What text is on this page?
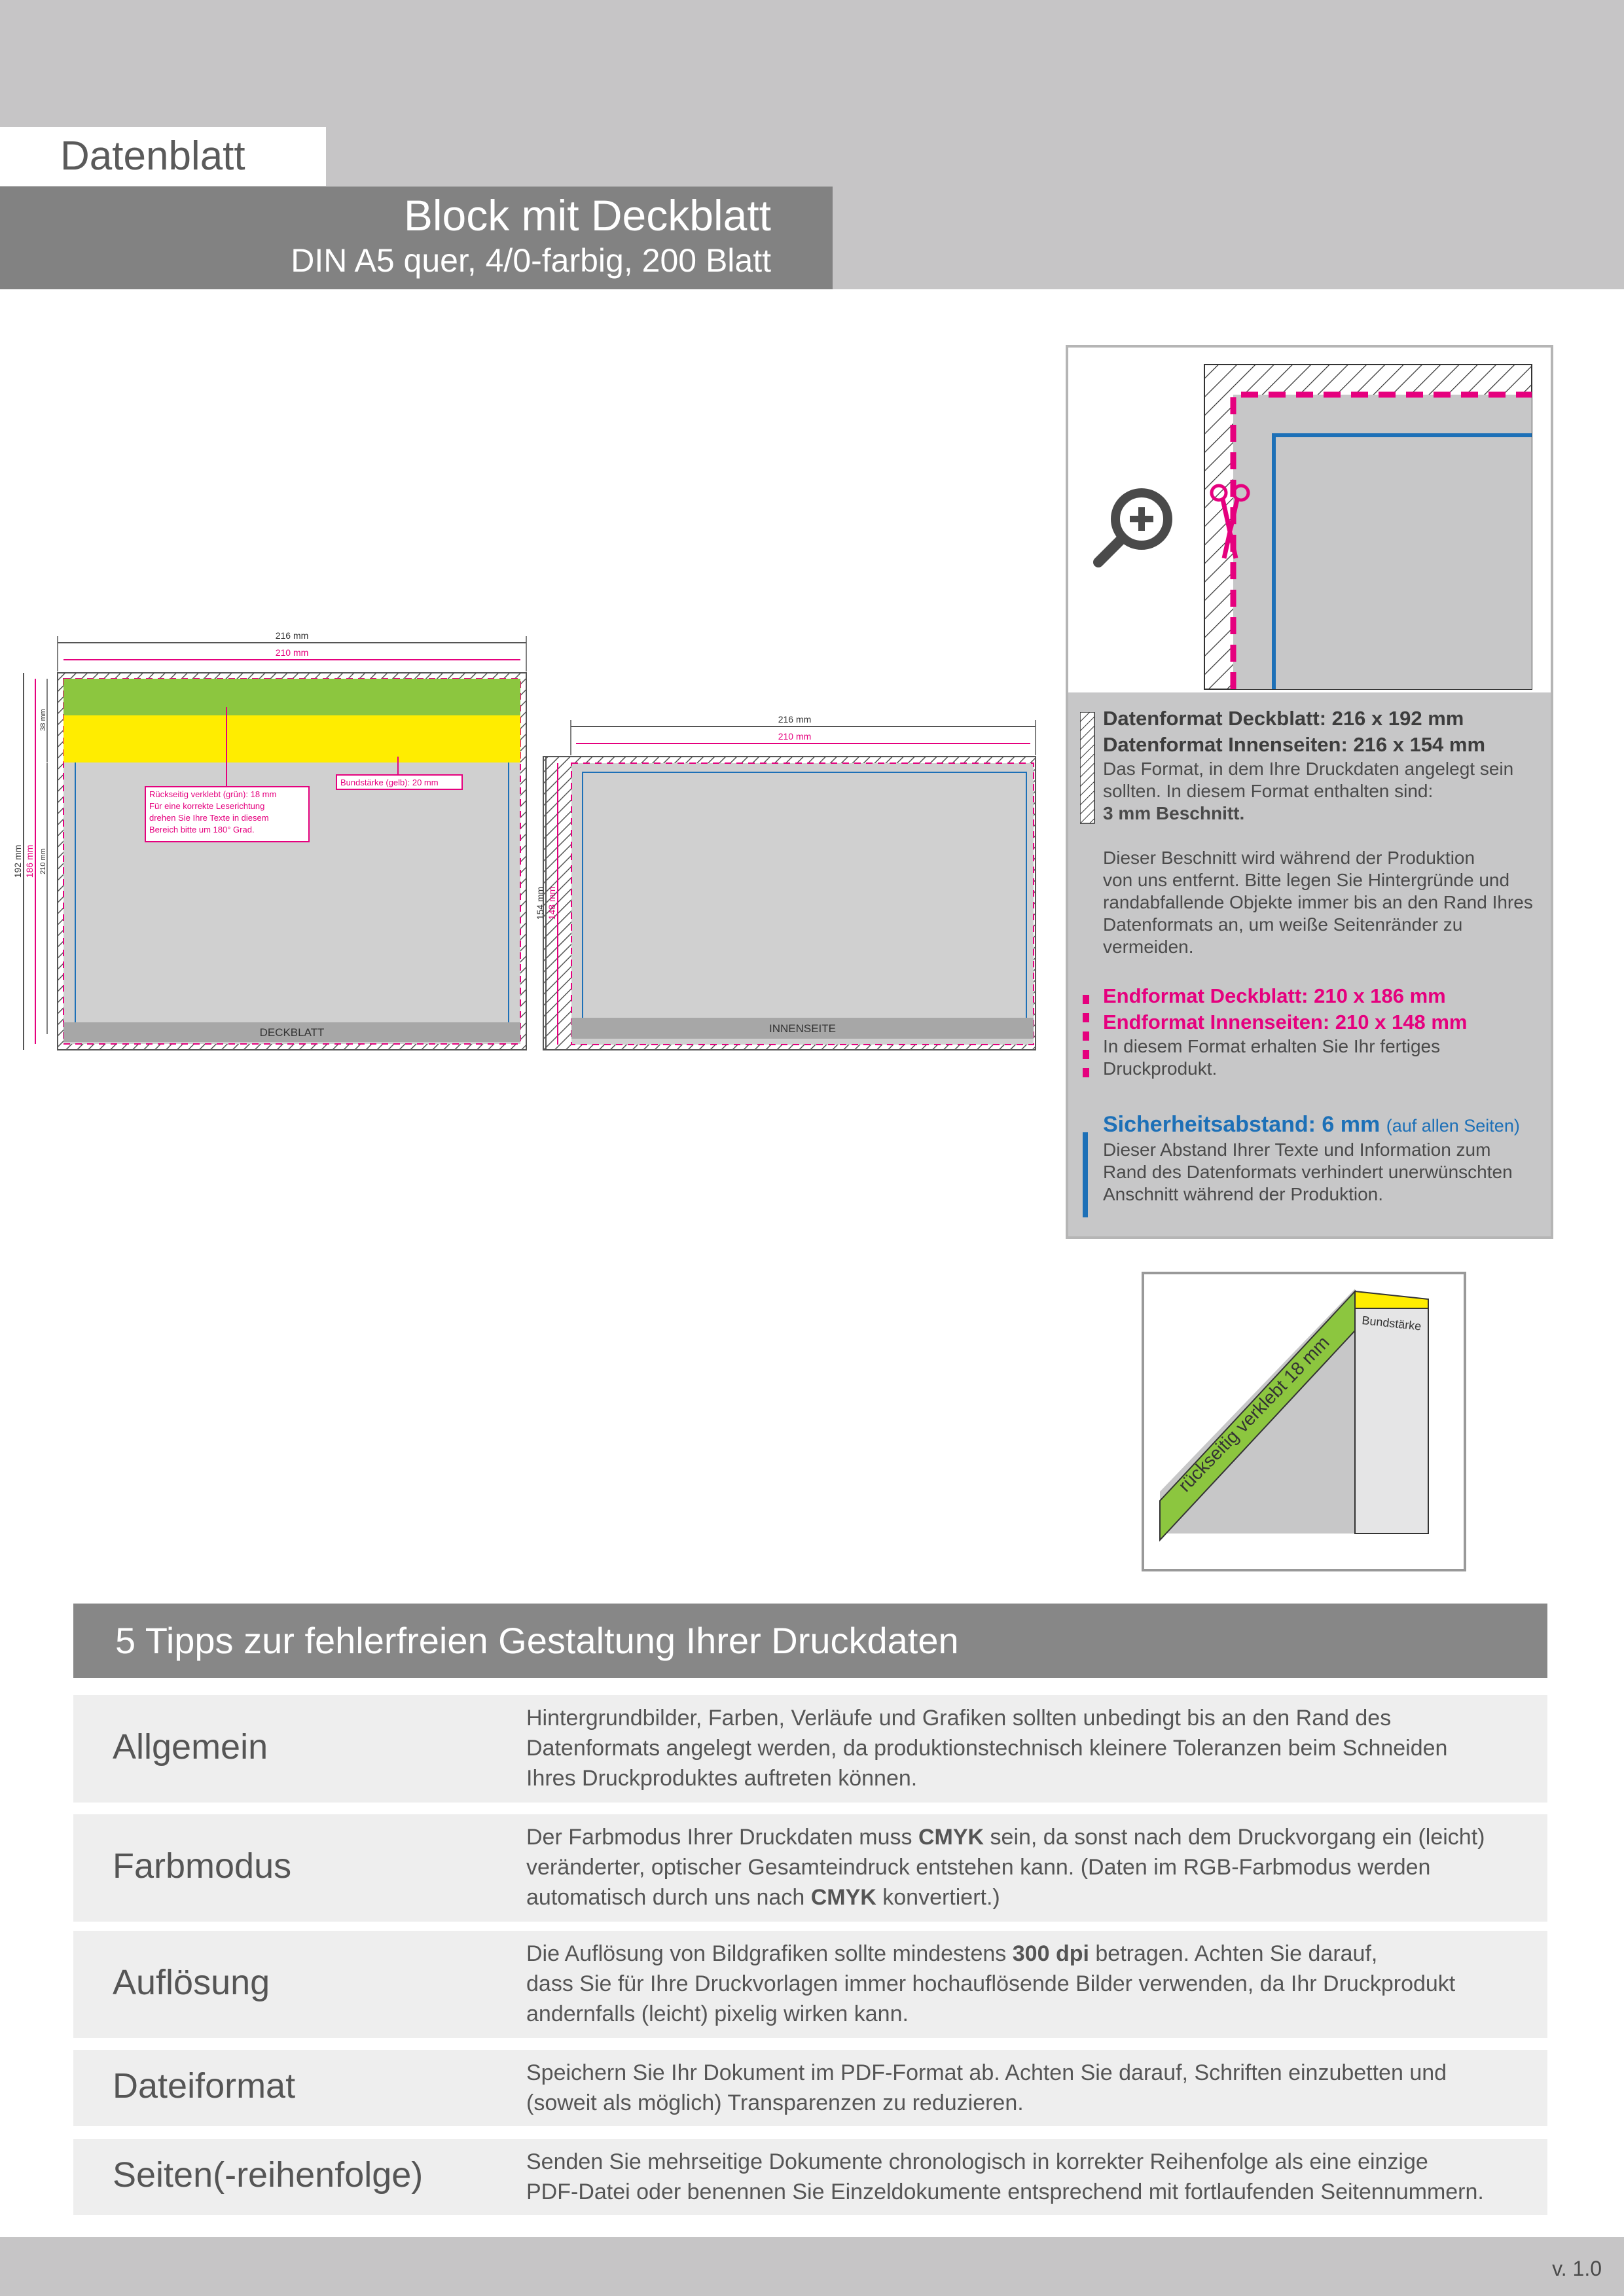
Datenblatt
Block mit Deckblatt
DIN A5 quer, 4/0-farbig, 200 Blatt
DECKBLATT
216 mm
210 mm
192 mm 186 mm 210 mm
38 mm
Rückseitig verklebt (grün): 18 mm
Für eine korrekte Leserichtung
drehen Sie Ihre Texte in diesem
Bereich bitte um 180° Grad.
Bundstärke (gelb): 20 mm
INNENSEITE
216 mm
210 mm
154 mm 148 mm
Datenformat Deckblatt: 216 x 192 mm
Datenformat Innenseiten: 216 x 154 mm
Das Format, in dem Ihre Druckdaten angelegt sein
sollten. In diesem Format enthalten sind:
3 mm Beschnitt.
Dieser Beschnitt wird während der Produktion
von uns entfernt. Bitte legen Sie Hintergründe und
randabfallende Objekte immer bis an den Rand Ihres
Datenformats an, um weiße Seitenränder zu
vermeiden.
Endformat Deckblatt: 210 x 186 mm
Endformat Innenseiten: 210 x 148 mm
In diesem Format erhalten Sie Ihr fertiges
Druckprodukt.
Sicherheitsabstand: 6 mm (auf allen Seiten)
Dieser Abstand Ihrer Texte und Information zum
Rand des Datenformats verhindert unerwünschten
Anschnitt während der Produktion.
Bundstärke
rückseitig verklebt 18 mm
5 Tipps zur fehlerfreien Gestaltung Ihrer Druckdaten
Allgemein
Hintergrundbilder, Farben, Verläufe und Grafiken sollten unbedingt bis an den Rand des
Datenformats angelegt werden, da produktionstechnisch kleinere Toleranzen beim Schneiden
Ihres Druckproduktes auftreten können.
Farbmodus
Der Farbmodus Ihrer Druckdaten muss CMYK sein, da sonst nach dem Druckvorgang ein (leicht)
veränderter, optischer Gesamteindruck entstehen kann. (Daten im RGB-Farbmodus werden
automatisch durch uns nach CMYK konvertiert.)
Auflösung
Die Auflösung von Bildgrafiken sollte mindestens 300 dpi betragen. Achten Sie darauf,
dass Sie für Ihre Druckvorlagen immer hochauflösende Bilder verwenden, da Ihr Druckprodukt
andernfalls (leicht) pixelig wirken kann.
Dateiformat	Speichern Sie Ihr Dokument im PDF-Format ab. Achten Sie darauf, Schriften einzubetten und
(soweit als möglich) Transparenzen zu reduzieren.
Seiten(-reihenfolge)	Senden Sie mehrseitige Dokumente chronologisch in korrekter Reihenfolge als eine einzige
PDF-Datei oder benennen Sie Einzeldokumente entsprechend mit fortlaufenden Seitennummern.
v. 1.0
